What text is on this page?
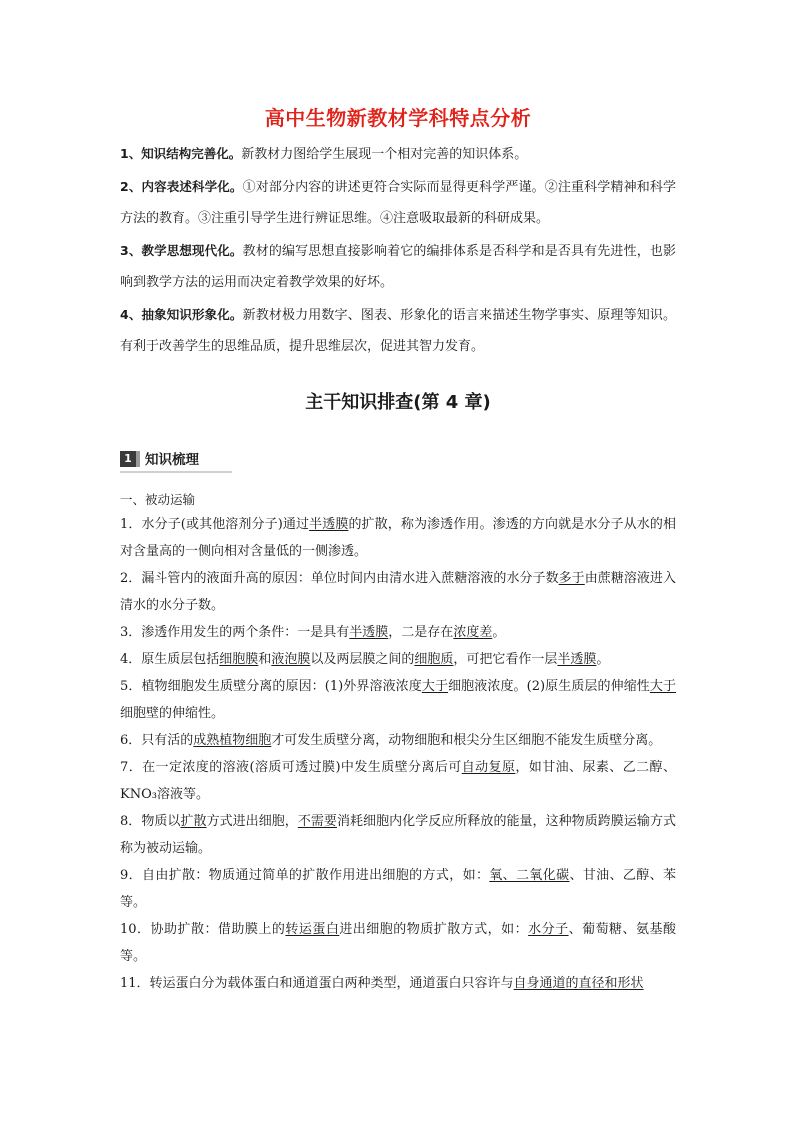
高中生物新教材学科特点分析

1、知识结构完善化。新教材力图给学生展现一个相对完善的知识体系。

2、内容表述科学化。①对部分内容的讲述更符合实际而显得更科学严谨。②注重科学精神和科学方法的教育。③注重引导学生进行辨证思维。④注意吸取最新的科研成果。

3、教学思想现代化。教材的编写思想直接影响着它的编排体系是否科学和是否具有先进性，也影响到教学方法的运用而决定着教学效果的好坏。

4、抽象知识形象化。新教材极力用数字、图表、形象化的语言来描述生物学事实、原理等知识。有利于改善学生的思维品质，提升思维层次，促进其智力发育。

主干知识排查(第 4 章)
1 知识梳理
一、被动运输

1．水分子(或其他溶剂分子)通过半透膜的扩散，称为渗透作用。渗透的方向就是水分子从水的相对含量高的一侧向相对含量低的一侧渗透。

2．漏斗管内的液面升高的原因：单位时间内由清水进入蔗糖溶液的水分子数多于由蔗糖溶液进入清水的水分子数。

3．渗透作用发生的两个条件：一是具有半透膜，二是存在浓度差。

4．原生质层包括细胞膜和液泡膜以及两层膜之间的细胞质，可把它看作一层半透膜。

5．植物细胞发生质壁分离的原因：(1)外界溶液浓度大于细胞液浓度。(2)原生质层的伸缩性大于细胞壁的伸缩性。

6．只有活的成熟植物细胞才可发生质壁分离，动物细胞和根尖分生区细胞不能发生质壁分离。

7．在一定浓度的溶液(溶质可透过膜)中发生质壁分离后可自动复原，如甘油、尿素、乙二醇、KNO₃溶液等。

8．物质以扩散方式进出细胞，不需要消耗细胞内化学反应所释放的能量，这种物质跨膜运输方式称为被动运输。

9．自由扩散：物质通过简单的扩散作用进出细胞的方式，如：氧、二氧化碳、甘油、乙醇、苯等。

10．协助扩散：借助膜上的转运蛋白进出细胞的物质扩散方式，如：水分子、葡萄糖、氨基酸等。

11．转运蛋白分为载体蛋白和通道蛋白两种类型，通道蛋白只容许与自身通道的直径和形状
